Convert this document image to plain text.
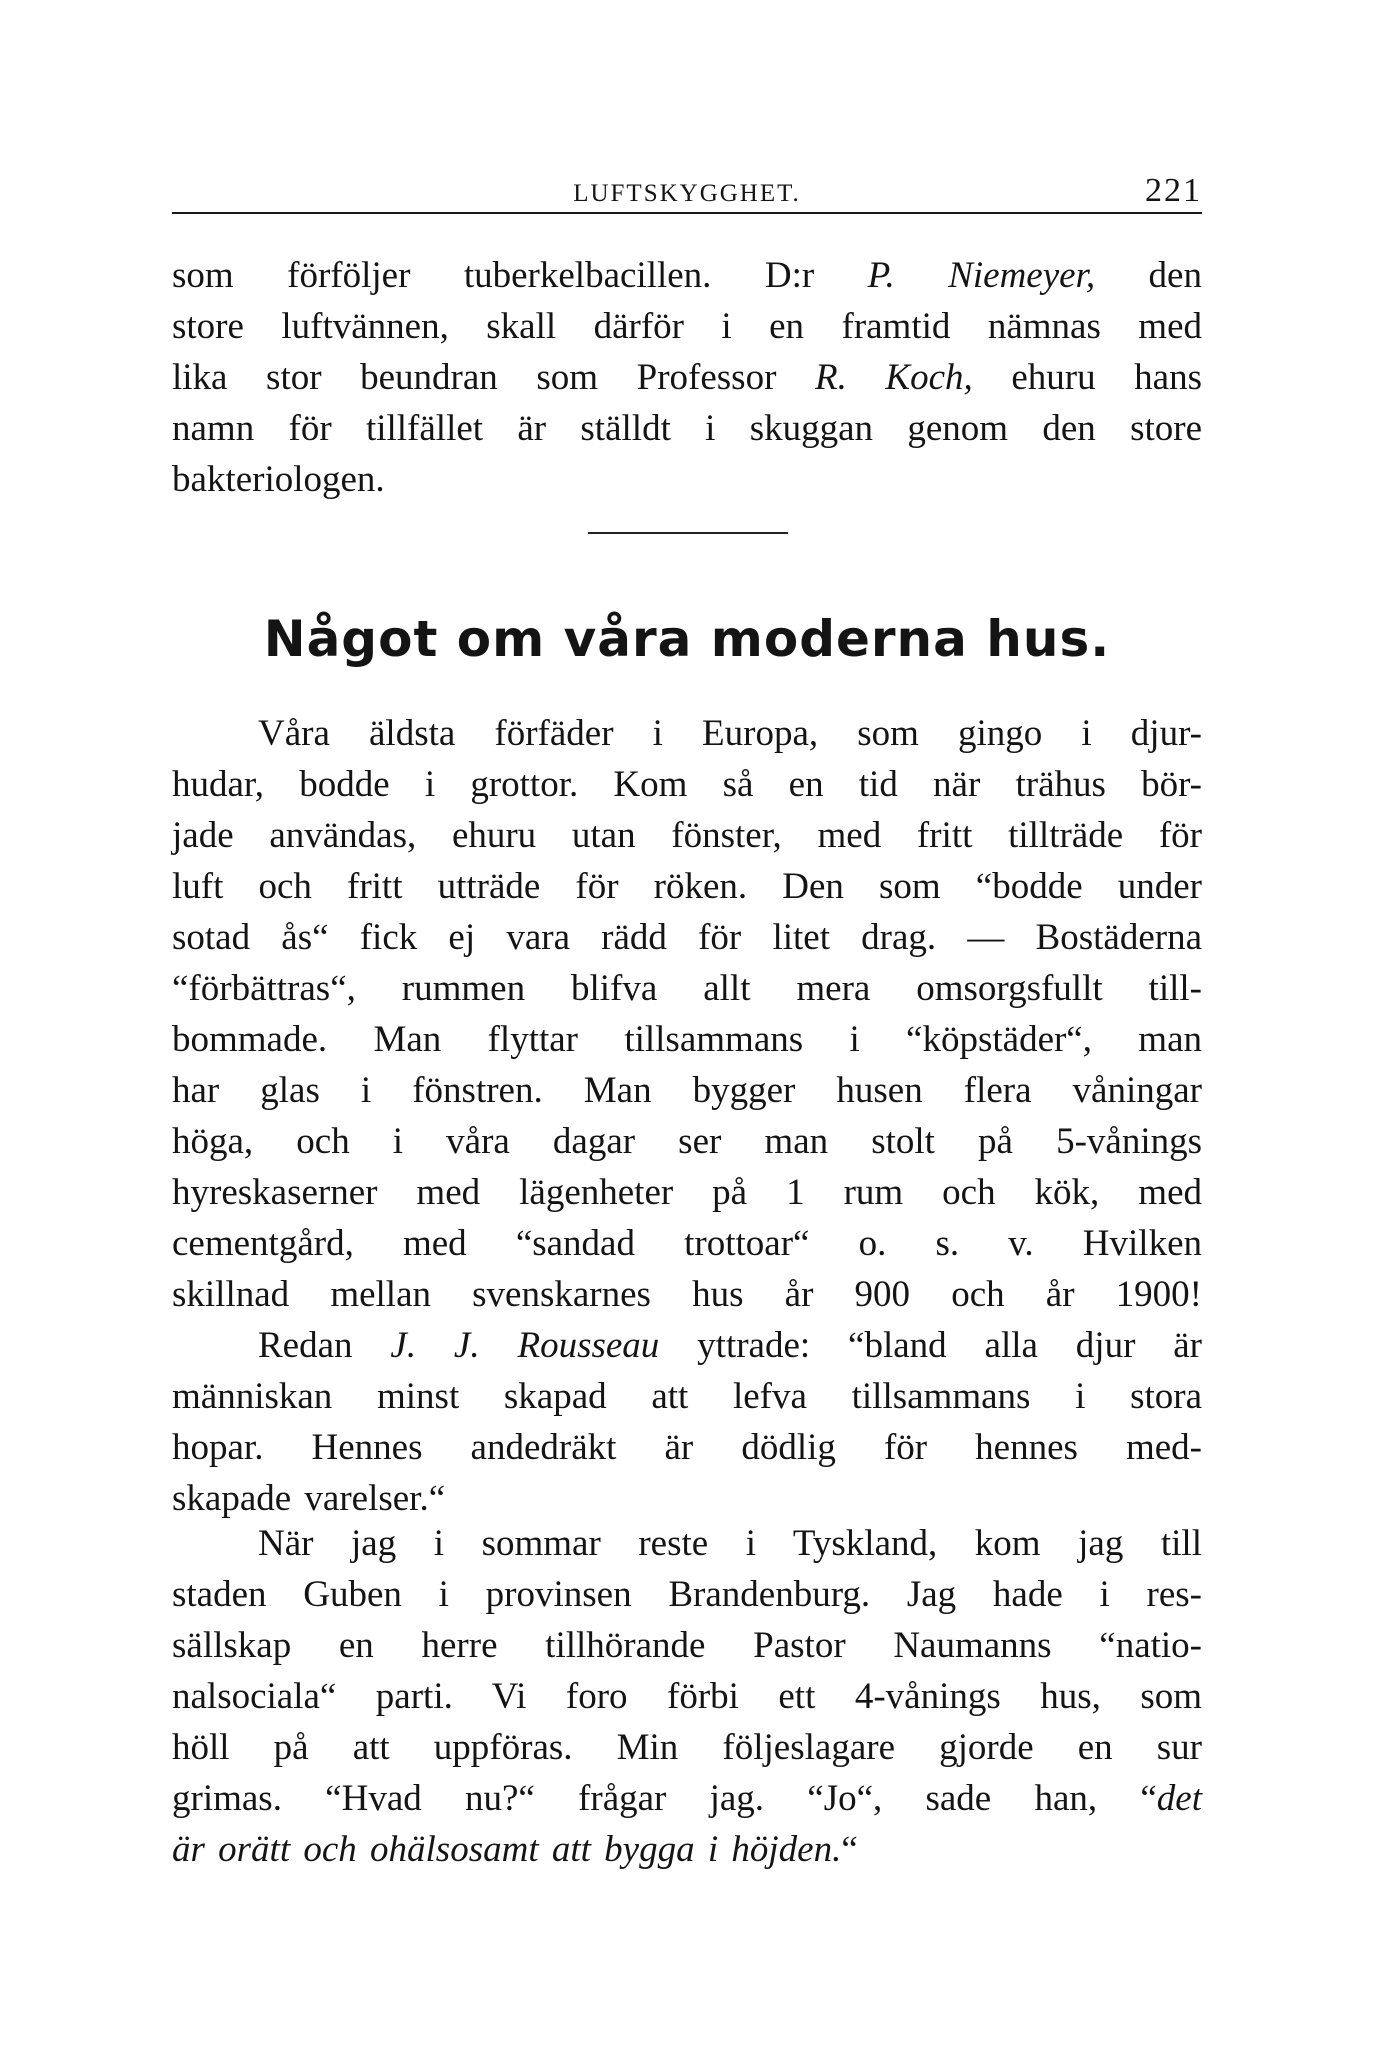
LUFTSKYGGHET.	221

som förföljer tuberkelbacillen. D:r P. Niemeyer, den
store luftvännen, skall därför i en framtid nämnas med
lika stor beundran som Professor R. Koch, ehuru hans
namn för tillfället är ställdt i skuggan genom den store
bakteriologen.

Något om våra moderna hus.

Våra äldsta förfäder i Europa, som gingo i djur-
hudar, bodde i grottor. Kom så en tid när trähus bör-
jade användas, ehuru utan fönster, med fritt tillträde för
luft och fritt utträde för röken. Den som “bodde under
sotad ås“ fick ej vara rädd för litet drag. — Bostäderna
“förbättras“, rummen blifva allt mera omsorgsfullt till-
bommade. Man flyttar tillsammans i “köpstäder“, man
har glas i fönstren. Man bygger husen flera våningar
höga, och i våra dagar ser man stolt på 5-vånings
hyreskaserner med lägenheter på 1 rum och kök, med
cementgård, med “sandad trottoar“ o. s. v. Hvilken
skillnad mellan svenskarnes hus år 900 och år 1900!
Redan J. J. Rousseau yttrade: “bland alla djur är
människan minst skapad att lefva tillsammans i stora
hopar. Hennes andedräkt är dödlig för hennes med-
skapade varelser.“

När jag i sommar reste i Tyskland, kom jag till
staden Guben i provinsen Brandenburg. Jag hade i res-
sällskap en herre tillhörande Pastor Naumanns “natio-
nalsociala“ parti. Vi foro förbi ett 4-vånings hus, som
höll på att uppföras. Min följeslagare gjorde en sur
grimas. “Hvad nu?“ frågar jag. “Jo“, sade han, “det
är orätt och ohälsosamt att bygga i höjden.“
